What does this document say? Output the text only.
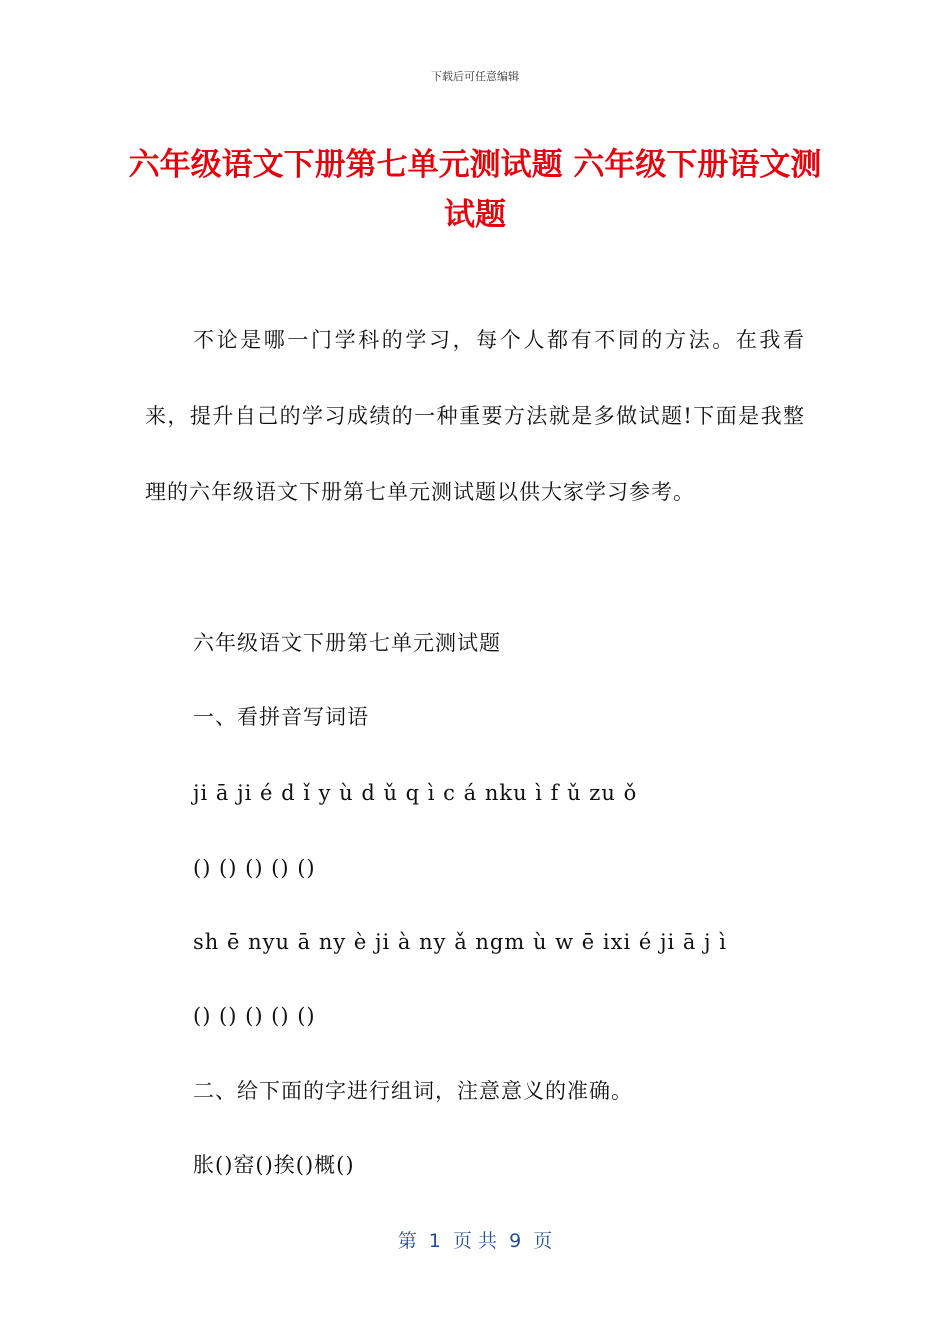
下载后可任意编辑
六年级语文下册第七单元测试题 六年级下册语文测试题
不论是哪一门学科的学习，每个人都有不同的方法。在我看来，提升自己的学习成绩的一种重要方法就是多做试题!下面是我整理的六年级语文下册第七单元测试题以供大家学习参考。
六年级语文下册第七单元测试题
一、看拼音写词语
ji ā ji é d ǐ y ù d ǔ q ì c á nku ì f ǔ zu ǒ
() () () () ()
sh ē nyu ā ny è ji à ny ǎ ngm ù w ē ixi é ji ā j ì
() () () () ()
二、给下面的字进行组词，注意意义的准确。
胀()窑()挨()概()
第  1  页 共  9  页
